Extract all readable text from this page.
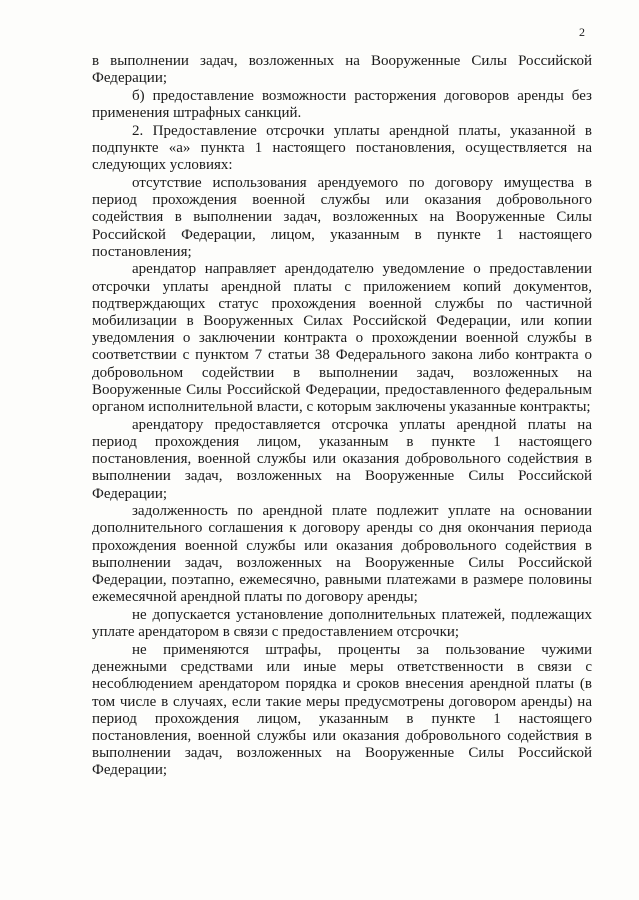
2

в выполнении задач, возложенных на Вооруженные Силы Российской Федерации;

б) предоставление возможности расторжения договоров аренды без применения штрафных санкций.

2. Предоставление отсрочки уплаты арендной платы, указанной в подпункте «а» пункта 1 настоящего постановления, осуществляется на следующих условиях:

отсутствие использования арендуемого по договору имущества в период прохождения военной службы или оказания добровольного содействия в выполнении задач, возложенных на Вооруженные Силы Российской Федерации, лицом, указанным в пункте 1 настоящего постановления;

арендатор направляет арендодателю уведомление о предоставлении отсрочки уплаты арендной платы с приложением копий документов, подтверждающих статус прохождения военной службы по частичной мобилизации в Вооруженных Силах Российской Федерации, или копии уведомления о заключении контракта о прохождении военной службы в соответствии с пунктом 7 статьи 38 Федерального закона либо контракта о добровольном содействии в выполнении задач, возложенных на Вооруженные Силы Российской Федерации, предоставленного федеральным органом исполнительной власти, с которым заключены указанные контракты;

арендатору предоставляется отсрочка уплаты арендной платы на период прохождения лицом, указанным в пункте 1 настоящего постановления, военной службы или оказания добровольного содействия в выполнении задач, возложенных на Вооруженные Силы Российской Федерации;

задолженность по арендной плате подлежит уплате на основании дополнительного соглашения к договору аренды со дня окончания периода прохождения военной службы или оказания добровольного содействия в выполнении задач, возложенных на Вооруженные Силы Российской Федерации, поэтапно, ежемесячно, равными платежами в размере половины ежемесячной арендной платы по договору аренды;

не допускается установление дополнительных платежей, подлежащих уплате арендатором в связи с предоставлением отсрочки;

не применяются штрафы, проценты за пользование чужими денежными средствами или иные меры ответственности в связи с несоблюдением арендатором порядка и сроков внесения арендной платы (в том числе в случаях, если такие меры предусмотрены договором аренды) на период прохождения лицом, указанным в пункте 1 настоящего постановления, военной службы или оказания добровольного содействия в выполнении задач, возложенных на Вооруженные Силы Российской Федерации;
